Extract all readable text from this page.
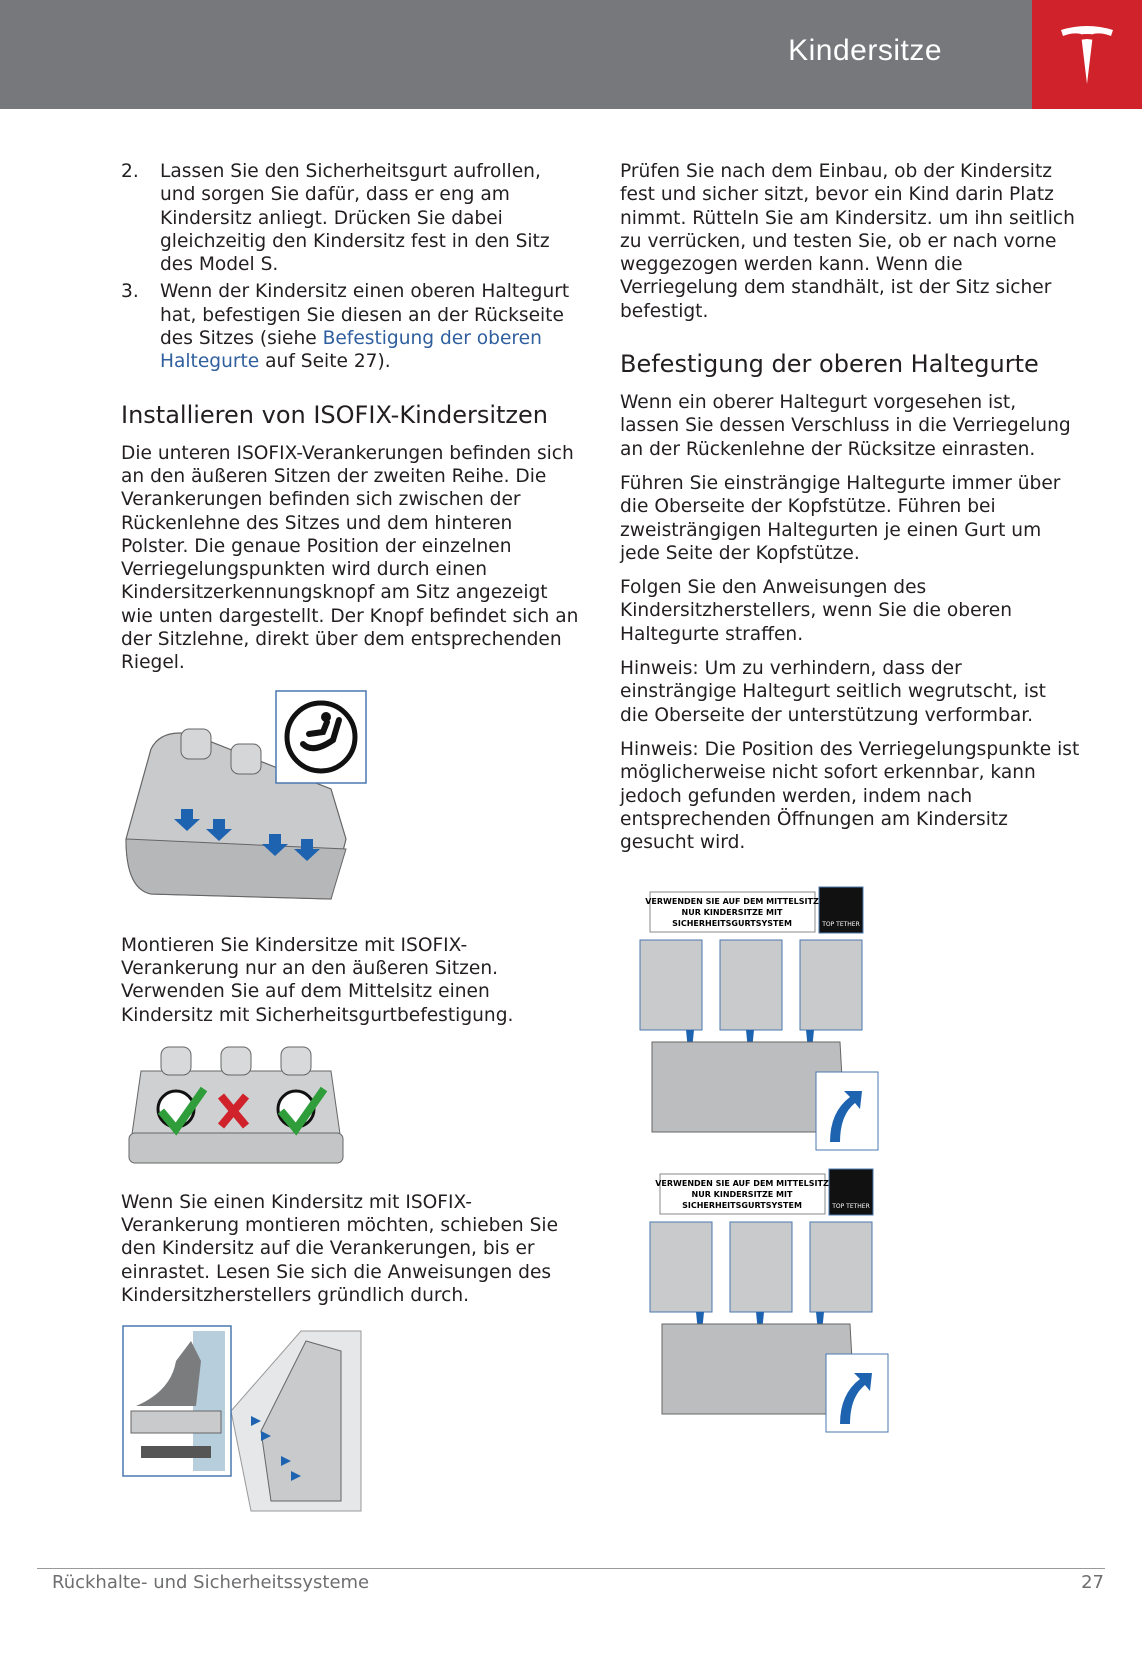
Kindersitze
2. Lassen Sie den Sicherheitsgurt aufrollen, und sorgen Sie dafür, dass er eng am Kindersitz anliegt. Drücken Sie dabei gleichzeitig den Kindersitz fest in den Sitz des Model S.
3. Wenn der Kindersitz einen oberen Haltegurt hat, befestigen Sie diesen an der Rückseite des Sitzes (siehe Befestigung der oberen Haltegurte auf Seite 27).
Installieren von ISOFIX-Kindersitzen

Die unteren ISOFIX-Verankerungen befinden sich an den äußeren Sitzen der zweiten Reihe. Die Verankerungen befinden sich zwischen der Rückenlehne des Sitzes und dem hinteren Polster. Die genaue Position der einzelnen Verriegelungspunkten wird durch einen Kindersitzerkennungsknopf am Sitz angezeigt wie unten dargestellt. Der Knopf befindet sich an der Sitzlehne, direkt über dem entsprechenden Riegel.

Montieren Sie Kindersitze mit ISOFIX-Verankerung nur an den äußeren Sitzen. Verwenden Sie auf dem Mittelsitz einen Kindersitz mit Sicherheitsgurtbefestigung.

Wenn Sie einen Kindersitz mit ISOFIX-Verankerung montieren möchten, schieben Sie den Kindersitz auf die Verankerungen, bis er einrastet. Lesen Sie sich die Anweisungen des Kindersitzherstellers gründlich durch.

Prüfen Sie nach dem Einbau, ob der Kindersitz fest und sicher sitzt, bevor ein Kind darin Platz nimmt. Rütteln Sie am Kindersitz. um ihn seitlich zu verrücken, und testen Sie, ob er nach vorne weggezogen werden kann. Wenn die Verriegelung dem standhält, ist der Sitz sicher befestigt.

Befestigung der oberen Haltegurte

Wenn ein oberer Haltegurt vorgesehen ist, lassen Sie dessen Verschluss in die Verriegelung an der Rückenlehne der Rücksitze einrasten.

Führen Sie einsträngige Haltegurte immer über die Oberseite der Kopfstütze. Führen bei zweisträngigen Haltegurten je einen Gurt um jede Seite der Kopfstütze.

Folgen Sie den Anweisungen des Kindersitzherstellers, wenn Sie die oberen Haltegurte straffen.

Hinweis: Um zu verhindern, dass der einsträngige Haltegurt seitlich wegrutscht, ist die Oberseite der unterstützung verformbar.

Hinweis: Die Position des Verriegelungspunkte ist möglicherweise nicht sofort erkennbar, kann jedoch gefunden werden, indem nach entsprechenden Öffnungen am Kindersitz gesucht wird.

VERWENDEN SIE AUF DEM MITTELSITZ
NUR KINDERSITZE MIT
SICHERHEITSGURTSYSTEM	TOP TETHER
VERWENDEN SIE AUF DEM MITTELSITZ
NUR KINDERSITZE MIT
SICHERHEITSGURTSYSTEM	TOP TETHER
Rückhalte- und Sicherheitssysteme	27
